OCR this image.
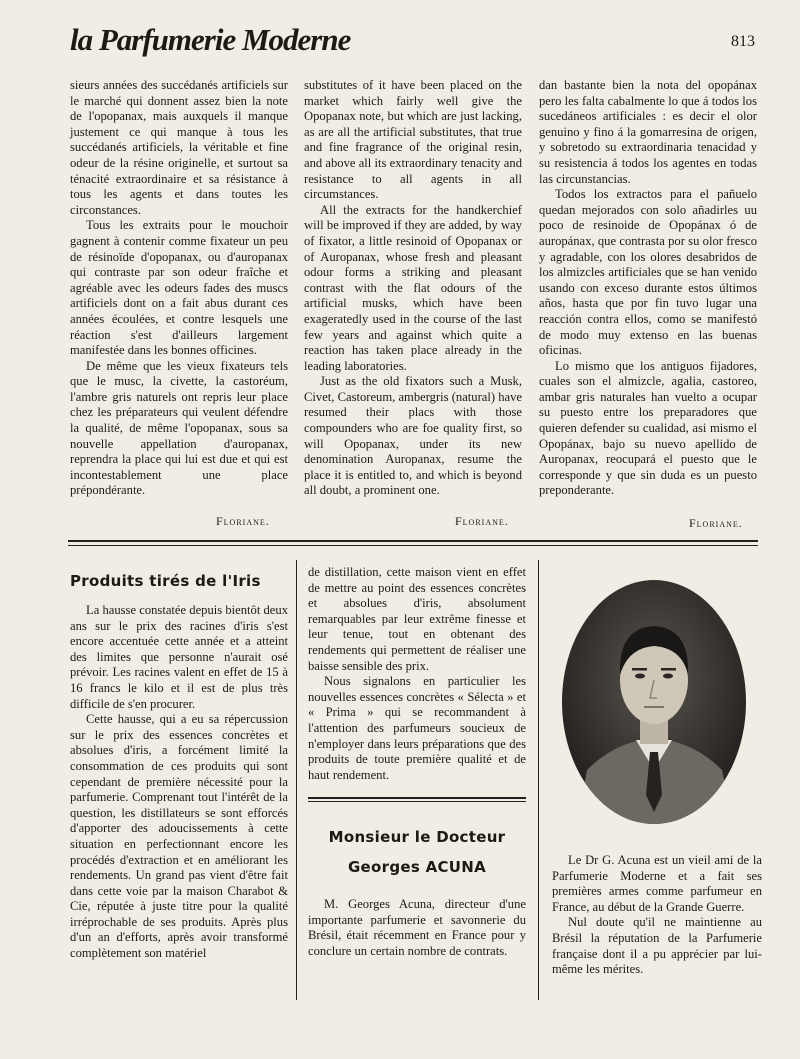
la Parfumerie Moderne	813

sieurs années des succédanés artificiels sur le marché qui donnent assez bien la note de l'opopanax, mais auxquels il manque justement ce qui manque à tous les succédanés artificiels, la véritable et fine odeur de la résine originelle, et surtout sa ténacité extraordinaire et sa résistance à tous les agents et dans toutes les circonstances.

Tous les extraits pour le mouchoir gagnent à contenir comme fixateur un peu de résinoïde d'opopanax, ou d'auropanax qui contraste par son odeur fraîche et agréable avec les odeurs fades des muscs artificiels dont on a fait abus durant ces années écoulées, et contre lesquels une réaction s'est d'ailleurs largement manifestée dans les bonnes officines.

De même que les vieux fixateurs tels que le musc, la civette, la castoréum, l'ambre gris naturels ont repris leur place chez les préparateurs qui veulent défendre la qualité, de même l'opopanax, sous sa nouvelle appellation d'auropanax, reprendra la place qui lui est due et qui est incontestablement une place prépondérante.

Floriane.

substitutes of it have been placed on the market which fairly well give the Opopanax note, but which are just lacking, as are all the artificial substitutes, that true and fine fragrance of the original resin, and above all its extraordinary tenacity and resistance to all agents in all circumstances.

All the extracts for the handkerchief will be improved if they are added, by way of fixator, a little resinoid of Opopanax or of Auropanax, whose fresh and pleasant odour forms a striking and pleasant contrast with the flat odours of the artificial musks, which have been exageratedly used in the course of the last few years and against which quite a reaction has taken place already in the leading laboratories.

Just as the old fixators such a Musk, Civet, Castoreum, ambergris (natural) have resumed their placs with those compounders who are foe quality first, so will Opopanax, under its new denomination Auropanax, resume the place it is entitled to, and which is beyond all doubt, a prominent one.

Floriane.

dan bastante bien la nota del opopánax pero les falta cabalmente lo que á todos los sucedáneos artificiales : es decir el olor genuino y fino á la gomarresina de origen, y sobretodo su extraordinaria tenacidad y su resistencia á todos los agentes en todas las circunstancias.

Todos los extractos para el pañuelo quedan mejorados con solo añadirles uu poco de resinoide de Opopánax ó de auropánax, que contrasta por su olor fresco y agradable, con los olores desabridos de los almizcles artificiales que se han venido usando con exceso durante estos últimos años, hasta que por fin tuvo lugar una reacción contra ellos, como se manifestó de modo muy extenso en las buenas oficinas.

Lo mismo que los antiguos fijadores, cuales son el almizcle, agalia, castoreo, ambar gris naturales han vuelto a ocupar su puesto entre los preparadores que quieren defender su cualidad, asi mismo el Opopánax, bajo su nuevo apellido de Auropanax, reocupará el puesto que le corresponde y que sin duda es un puesto preponderante.

Floriane.
Produits tirés de l'Iris

La hausse constatée depuis bientôt deux ans sur le prix des racines d'iris s'est encore accentuée cette année et a atteint des limites que personne n'aurait osé prévoir. Les racines valent en effet de 15 à 16 francs le kilo et il est de plus très difficile de s'en procurer.

Cette hausse, qui a eu sa répercussion sur le prix des essences concrètes et absolues d'iris, a forcément limité la consommation de ces produits qui sont cependant de première nécessité pour la parfumerie. Comprenant tout l'intérêt de la question, les distillateurs se sont efforcés d'apporter des adoucissements à cette situation en perfectionnant encore les procédés d'extraction et en améliorant les rendements. Un grand pas vient d'être fait dans cette voie par la maison Charabot & Cie, réputée à juste titre pour la qualité irréprochable de ses produits. Après plus d'un an d'efforts, après avoir transformé complètement son matériel

de distillation, cette maison vient en effet de mettre au point des essences concrètes et absolues d'iris, absolument remarquables par leur extrême finesse et leur tenue, tout en obtenant des rendements qui permettent de réaliser une baisse sensible des prix.

Nous signalons en particulier les nouvelles essences concrètes « Sélecta » et « Prima » qui se recommandent à l'attention des parfumeurs soucieux de n'employer dans leurs préparations que des produits de toute première qualité et de haut rendement.

Monsieur le Docteur
Georges ACUNA

M. Georges Acuna, directeur d'une importante parfumerie et savonnerie du Brésil, était récemment en France pour y conclure un certain nombre de contrats.

Le Dr G. Acuna est un vieil ami de la Parfumerie Moderne et a fait ses premières armes comme parfumeur en France, au début de la Grande Guerre.

Nul doute qu'il ne maintienne au Brésil la réputation de la Parfumerie française dont il a pu apprécier par lui-même les mérites.
